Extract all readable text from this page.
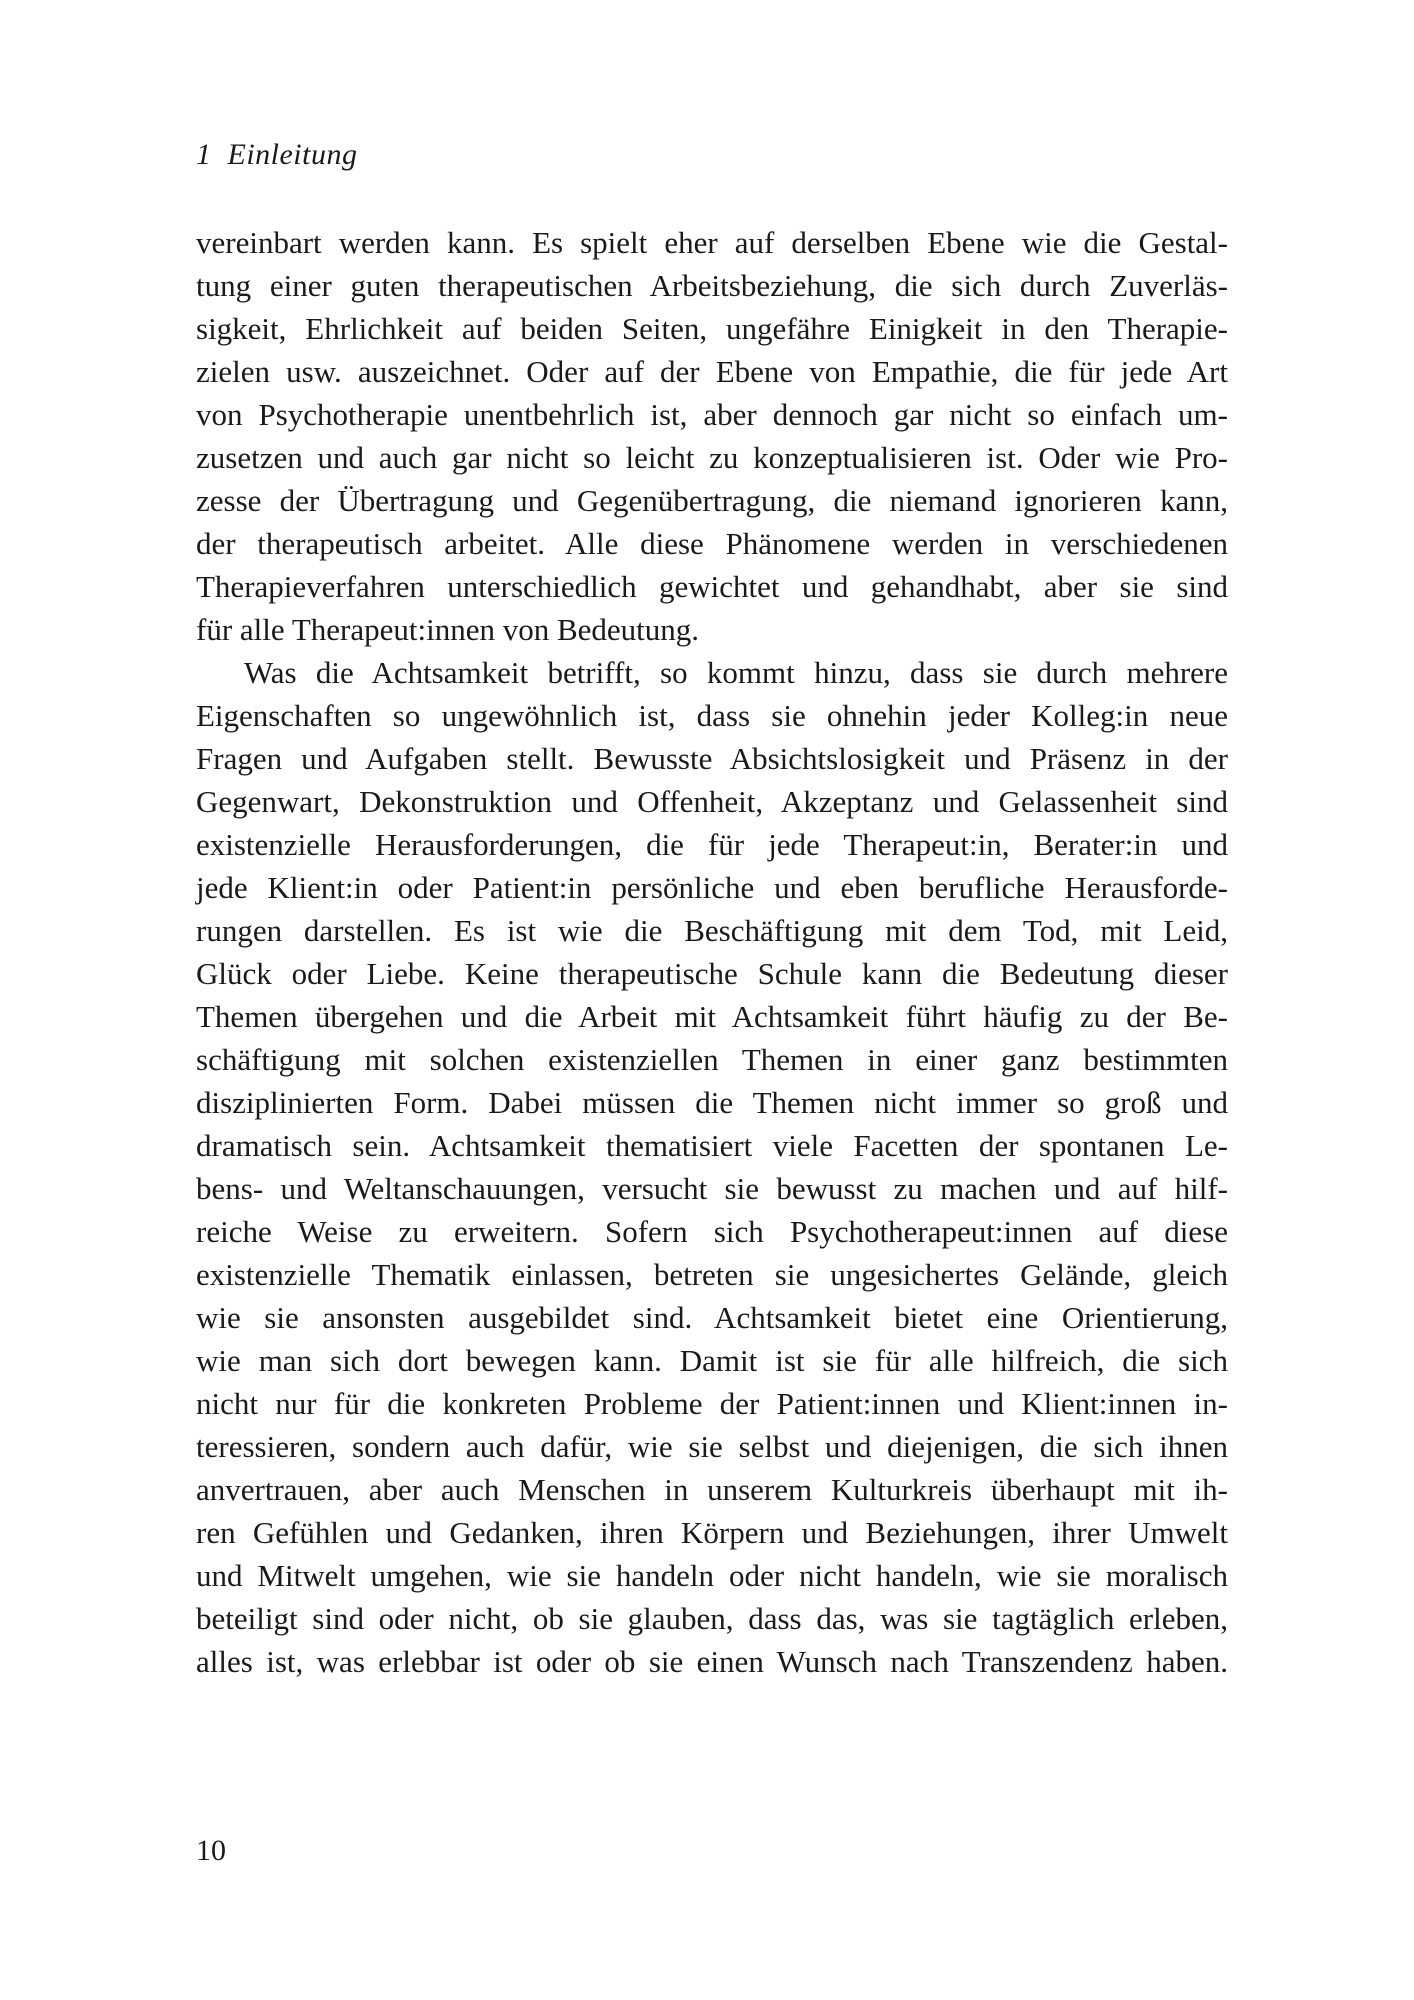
1 Einleitung
vereinbart werden kann. Es spielt eher auf derselben Ebene wie die Gestal-
tung einer guten therapeutischen Arbeitsbeziehung, die sich durch Zuverläs-
sigkeit, Ehrlichkeit auf beiden Seiten, ungefähre Einigkeit in den Therapie-
zielen usw. auszeichnet. Oder auf der Ebene von Empathie, die für jede Art
von Psychotherapie unentbehrlich ist, aber dennoch gar nicht so einfach um-
zusetzen und auch gar nicht so leicht zu konzeptualisieren ist. Oder wie Pro-
zesse der Übertragung und Gegenübertragung, die niemand ignorieren kann,
der therapeutisch arbeitet. Alle diese Phänomene werden in verschiedenen
Therapieverfahren unterschiedlich gewichtet und gehandhabt, aber sie sind
für alle Therapeut:innen von Bedeutung.
Was die Achtsamkeit betrifft, so kommt hinzu, dass sie durch mehrere
Eigenschaften so ungewöhnlich ist, dass sie ohnehin jeder Kolleg:in neue
Fragen und Aufgaben stellt. Bewusste Absichtslosigkeit und Präsenz in der
Gegenwart, Dekonstruktion und Offenheit, Akzeptanz und Gelassenheit sind
existenzielle Herausforderungen, die für jede Therapeut:in, Berater:in und
jede Klient:in oder Patient:in persönliche und eben berufliche Herausforde-
rungen darstellen. Es ist wie die Beschäftigung mit dem Tod, mit Leid,
Glück oder Liebe. Keine therapeutische Schule kann die Bedeutung dieser
Themen übergehen und die Arbeit mit Achtsamkeit führt häufig zu der Be-
schäftigung mit solchen existenziellen Themen in einer ganz bestimmten
disziplinierten Form. Dabei müssen die Themen nicht immer so groß und
dramatisch sein. Achtsamkeit thematisiert viele Facetten der spontanen Le-
bens- und Weltanschauungen, versucht sie bewusst zu machen und auf hilf-
reiche Weise zu erweitern. Sofern sich Psychotherapeut:innen auf diese
existenzielle Thematik einlassen, betreten sie ungesichertes Gelände, gleich
wie sie ansonsten ausgebildet sind. Achtsamkeit bietet eine Orientierung,
wie man sich dort bewegen kann. Damit ist sie für alle hilfreich, die sich
nicht nur für die konkreten Probleme der Patient:innen und Klient:innen in-
teressieren, sondern auch dafür, wie sie selbst und diejenigen, die sich ihnen
anvertrauen, aber auch Menschen in unserem Kulturkreis überhaupt mit ih-
ren Gefühlen und Gedanken, ihren Körpern und Beziehungen, ihrer Umwelt
und Mitwelt umgehen, wie sie handeln oder nicht handeln, wie sie moralisch
beteiligt sind oder nicht, ob sie glauben, dass das, was sie tagtäglich erleben,
alles ist, was erlebbar ist oder ob sie einen Wunsch nach Transzendenz haben.
10
